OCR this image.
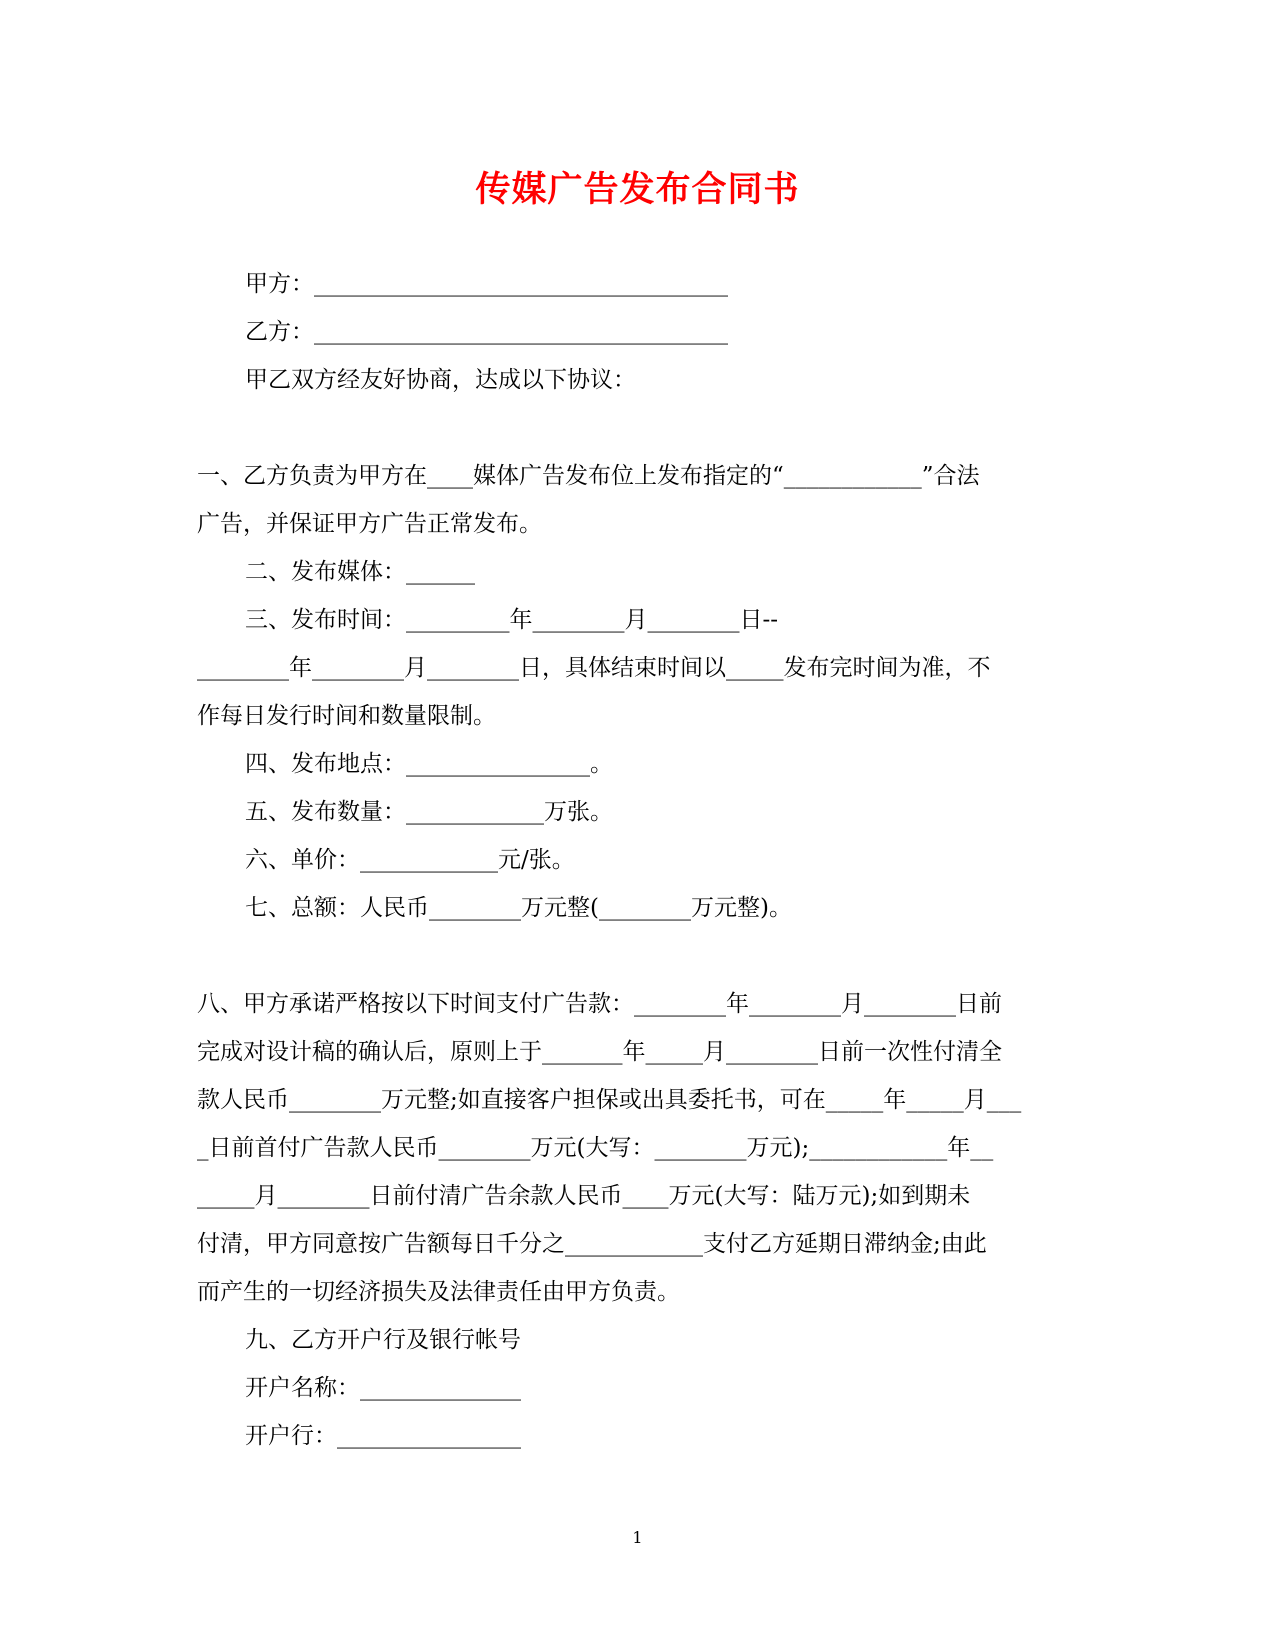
传媒广告发布合同书

甲方：____________________________________

乙方：____________________________________

甲乙双方经友好协商，达成以下协议：

一、乙方负责为甲方在____媒体广告发布位上发布指定的“____________”合法

广告，并保证甲方广告正常发布。

二、发布媒体：______

三、发布时间：_________年________月________日--

________年________月________日，具体结束时间以_____发布完时间为准，不

作每日发行时间和数量限制。

四、发布地点：________________。

五、发布数量：____________万张。

六、单价：____________元/张。

七、总额：人民币________万元整(________万元整)。

八、甲方承诺严格按以下时间支付广告款：________年________月________日前

完成对设计稿的确认后，原则上于_______年_____月________日前一次性付清全

款人民币________万元整;如直接客户担保或出具委托书，可在_____年_____月___

_日前首付广告款人民币________万元(大写：________万元);____________年__

_____月________日前付清广告余款人民币____万元(大写：陆万元);如到期未

付清，甲方同意按广告额每日千分之____________支付乙方延期日滞纳金;由此

而产生的一切经济损失及法律责任由甲方负责。

九、乙方开户行及银行帐号

开户名称：______________

开户行：________________

1
